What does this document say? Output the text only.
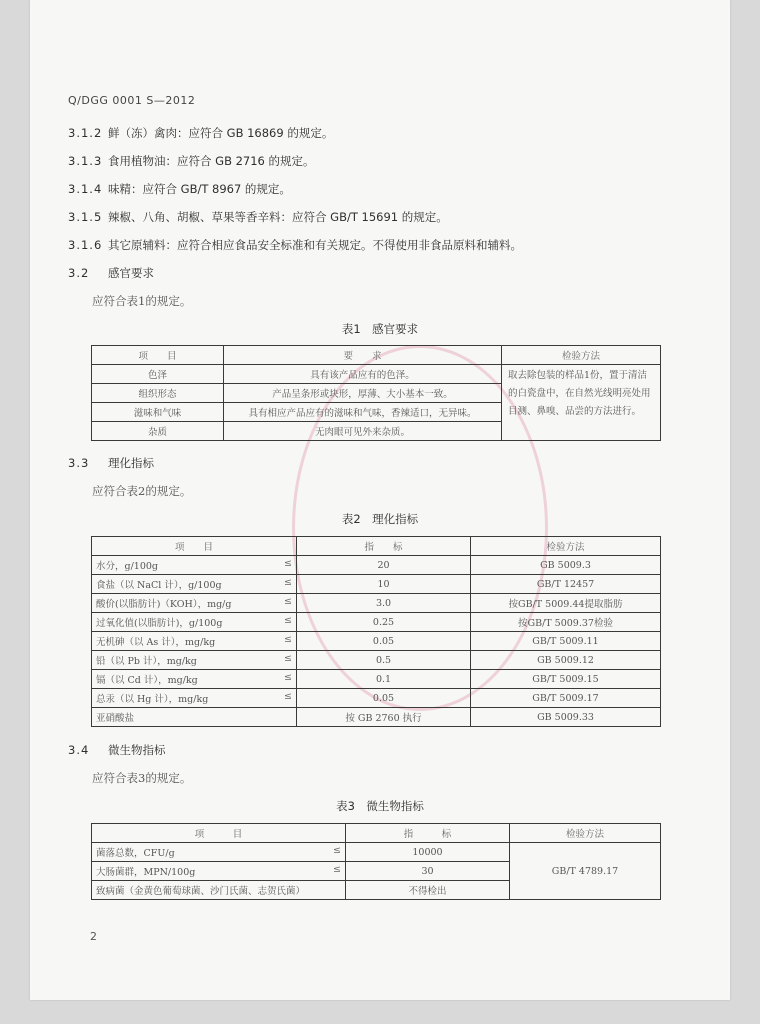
Q/DGG 0001 S—2012
3.1.2 鲜（冻）禽肉：应符合 GB 16869 的规定。
3.1.3 食用植物油：应符合 GB 2716 的规定。
3.1.4 味精：应符合 GB/T 8967 的规定。
3.1.5 辣椒、八角、胡椒、草果等香辛料：应符合 GB/T 15691 的规定。
3.1.6 其它原辅料：应符合相应食品安全标准和有关规定。不得使用非食品原料和辅料。
3.2 感官要求
应符合表1的规定。
表1　感官要求
项　　目	要　　求	检验方法
色泽	具有该产品应有的色泽。	取去除包装的样品1份，置于清洁的白瓷盘中，在自然光线明亮处用目测、鼻嗅、品尝的方法进行。
组织形态	产品呈条形或块形，厚薄、大小基本一致。	
滋味和气味	具有相应产品应有的滋味和气味，香辣适口，无异味。	
杂质	无肉眼可见外来杂质。	
3.3 理化指标
应符合表2的规定。
表2　理化指标
项　　目	指　　标	检验方法
水分，g/100g ≤	20	GB 5009.3
食盐（以 NaCl 计），g/100g ≤	10	GB/T 12457
酸价(以脂肪计)（KOH），mg/g ≤	3.0	按GB/T 5009.44提取脂肪
过氧化值(以脂肪计)，g/100g ≤	0.25	按GB/T 5009.37检验
无机砷（以 As 计），mg/kg ≤	0.05	GB/T 5009.11
铅（以 Pb 计），mg/kg ≤	0.5	GB 5009.12
镉（以 Cd 计），mg/kg ≤	0.1	GB/T 5009.15
总汞（以 Hg 计），mg/kg ≤	0.05	GB/T 5009.17
亚硝酸盐	按 GB 2760 执行	GB 5009.33
3.4 微生物指标
应符合表3的规定。
表3　微生物指标
项　　　目	指　　　标	检验方法
菌落总数，CFU/g ≤	10000	GB/T 4789.17
大肠菌群，MPN/100g ≤	30	
致病菌（金黄色葡萄球菌、沙门氏菌、志贺氏菌）	不得检出	
2
